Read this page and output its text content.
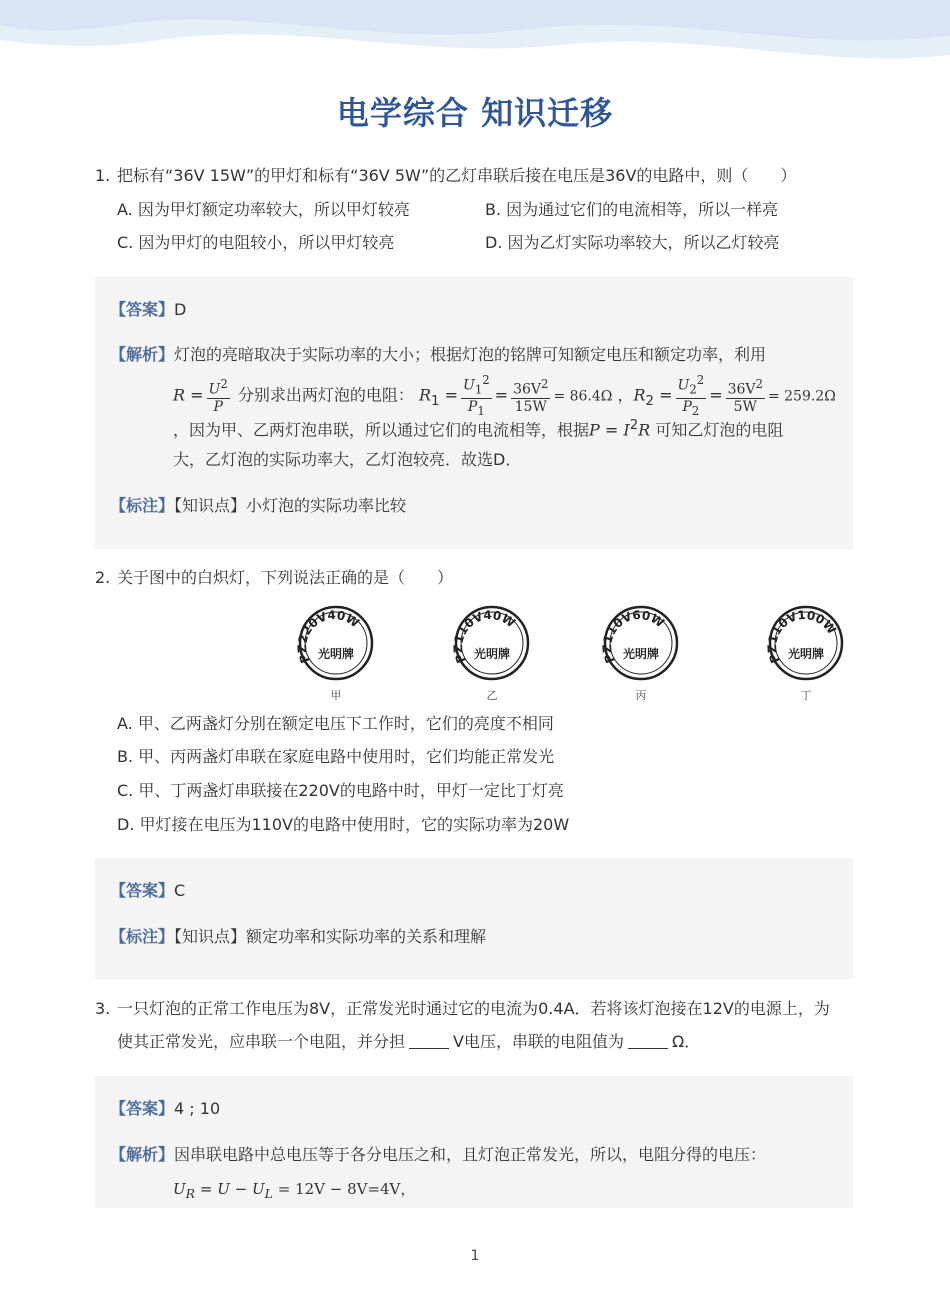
电学综合 知识迁移
1. 把标有“36V 15W”的甲灯和标有“36V 5W”的乙灯串联后接在电压是36V的电路中，则（　　）
A. 因为甲灯额定功率较大，所以甲灯较亮	B. 因为通过它们的电流相等，所以一样亮
C. 因为甲灯的电阻较小，所以甲灯较亮	D. 因为乙灯实际功率较大，所以乙灯较亮
【答案】D
【解析】灯泡的亮暗取决于实际功率的大小；根据灯泡的铭牌可知额定电压和额定功率，利用
$R = \frac{U^2}{P}$ 分别求出两灯泡的电阻： $R_1 = \frac{U_1^2}{P_1} = \frac{36V^2}{15W} = 86.4\Omega$ ，$R_2 = \frac{U_2^2}{P_2} = \frac{36V^2}{5W} = 259.2\Omega$
，因为甲、乙两灯泡串联，所以通过它们的电流相等，根据$P = I^2R$ 可知乙灯泡的电阻
大，乙灯泡的实际功率大，乙灯泡较亮．故选D．
【标注】【知识点】小灯泡的实际功率比较
2. 关于图中的白炽灯，下列说法正确的是（　　）
PZ220V40W
光明牌
甲
PZ110V40W
光明牌
乙
PZ110V60W
光明牌
丙
PZ110V100W
光明牌
丁
A. 甲、乙两盏灯分别在额定电压下工作时，它们的亮度不相同
B. 甲、丙两盏灯串联在家庭电路中使用时，它们均能正常发光
C. 甲、丁两盏灯串联接在220V的电路中时，甲灯一定比丁灯亮
D. 甲灯接在电压为110V的电路中使用时，它的实际功率为20W
【答案】C
【标注】【知识点】额定功率和实际功率的关系和理解
3. 一只灯泡的正常工作电压为8V，正常发光时通过它的电流为0.4A．若将该灯泡接在12V的电源上，为
使其正常发光，应串联一个电阻，并分担	V电压，串联的电阻值为	Ω．
【答案】4 ; 10
【解析】因串联电路中总电压等于各分电压之和，且灯泡正常发光，所以，电阻分得的电压：
$U_R = U - U_L = 12V - 8V=4V$，
1
